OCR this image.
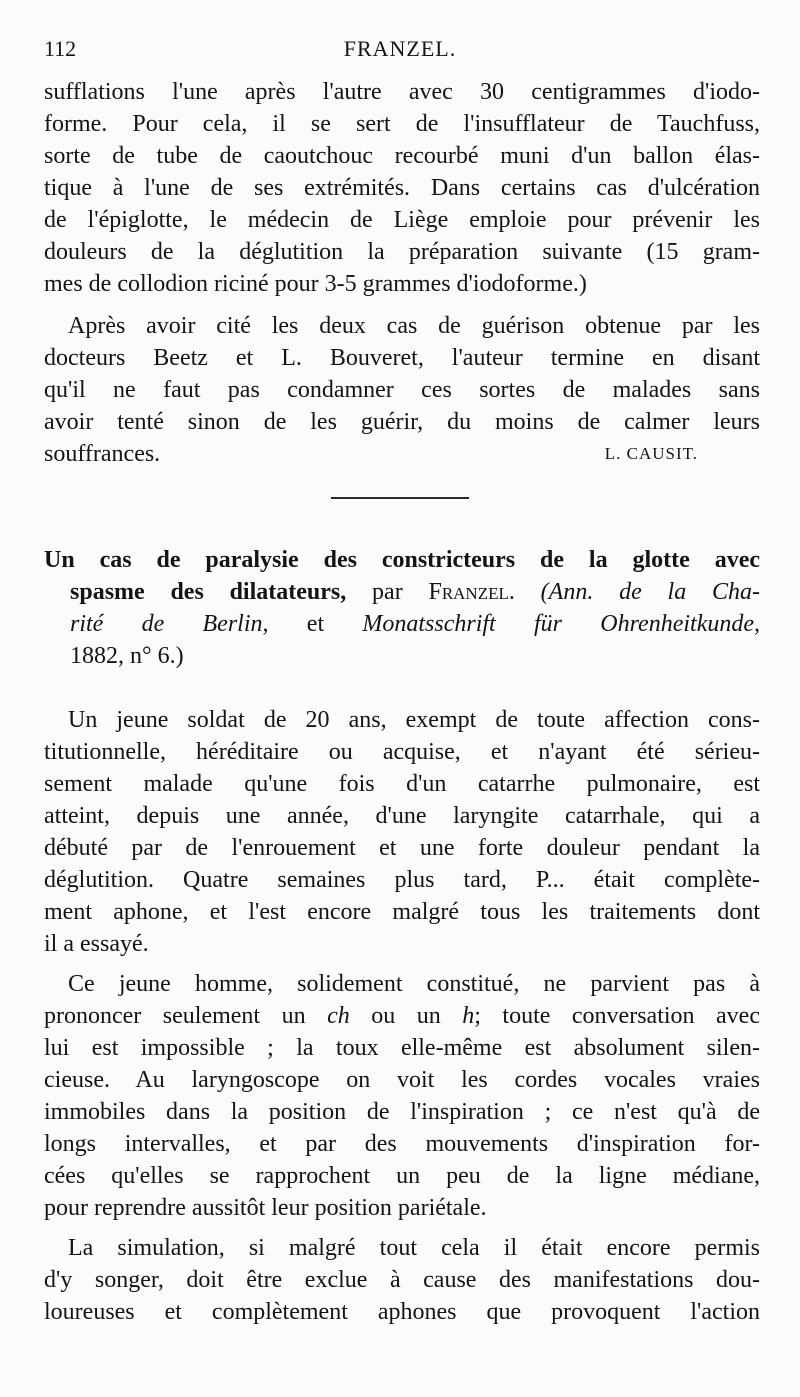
112	FRANZEL.
sufflations l'une après l'autre avec 30 centigrammes d'iodo-
forme. Pour cela, il se sert de l'insufflateur de Tauchfuss,
sorte de tube de caoutchouc recourbé muni d'un ballon élas-
tique à l'une de ses extrémités. Dans certains cas d'ulcération
de l'épiglotte, le médecin de Liège emploie pour prévenir les
douleurs de la déglutition la préparation suivante (15 gram-
mes de collodion riciné pour 3-5 grammes d'iodoforme.)
Après avoir cité les deux cas de guérison obtenue par les
docteurs Beetz et L. Bouveret, l'auteur termine en disant
qu'il ne faut pas condamner ces sortes de malades sans
avoir tenté sinon de les guérir, du moins de calmer leurs
souffrances.	L. CAUSIT.
Un cas de paralysie des constricteurs de la glotte avec
spasme des dilatateurs, par Franzel. (Ann. de la Cha-
rité de Berlin, et Monatsschrift für Ohrenheitkunde,
1882, n° 6.)
Un jeune soldat de 20 ans, exempt de toute affection cons-
titutionnelle, héréditaire ou acquise, et n'ayant été sérieu-
sement malade qu'une fois d'un catarrhe pulmonaire, est
atteint, depuis une année, d'une laryngite catarrhale, qui a
débuté par de l'enrouement et une forte douleur pendant la
déglutition. Quatre semaines plus tard, P... était complète-
ment aphone, et l'est encore malgré tous les traitements dont
il a essayé.
Ce jeune homme, solidement constitué, ne parvient pas à
prononcer seulement un ch ou un h; toute conversation avec
lui est impossible ; la toux elle-même est absolument silen-
cieuse. Au laryngoscope on voit les cordes vocales vraies
immobiles dans la position de l'inspiration ; ce n'est qu'à de
longs intervalles, et par des mouvements d'inspiration for-
cées qu'elles se rapprochent un peu de la ligne médiane,
pour reprendre aussitôt leur position pariétale.
La simulation, si malgré tout cela il était encore permis
d'y songer, doit être exclue à cause des manifestations dou-
loureuses et complètement aphones que provoquent l'action
